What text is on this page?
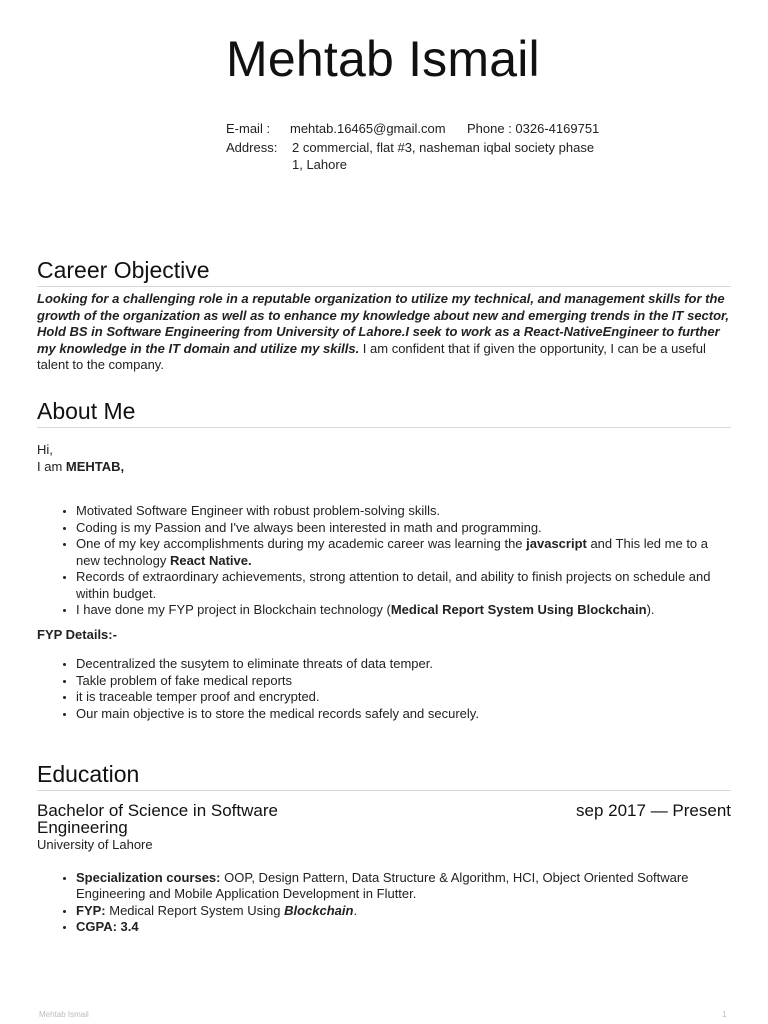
Mehtab Ismail
E-mail :	mehtab.16465@gmail.com	Phone : 0326-4169751
Address:	2 commercial, flat #3, nasheman iqbal society phase
1, Lahore
Career Objective
Looking for a challenging role in a reputable organization to utilize my technical, and management skills for the growth of the organization as well as to enhance my knowledge about new and emerging trends in the IT sector, Hold BS in Software Engineering from University of Lahore.I seek to work as a React-NativeEngineer to further my knowledge in the IT domain and utilize my skills. I am confident that if given the opportunity, I can be a useful talent to the company.
About Me
Hi,
I am MEHTAB,
• Motivated Software Engineer with robust problem-solving skills.
• Coding is my Passion and I've always been interested in math and programming.
• One of my key accomplishments during my academic career was learning the javascript and This led me to a new technology React Native.
• Records of extraordinary achievements, strong attention to detail, and ability to finish projects on schedule and within budget.
• I have done my FYP project in Blockchain technology (Medical Report System Using Blockchain).
FYP Details:-
• Decentralized the susytem to eliminate threats of data temper.
• Takle problem of fake medical reports
• it is traceable temper proof and encrypted.
• Our main objective is to store the medical records safely and securely.
Education
Bachelor of Science in Software Engineering
sep 2017 — Present
University of Lahore
• Specialization courses: OOP, Design Pattern, Data Structure & Algorithm, HCI, Object Oriented Software Engineering and Mobile Application Development in Flutter.
• FYP: Medical Report System Using Blockchain.
• CGPA: 3.4
Mehtab Ismail	1
